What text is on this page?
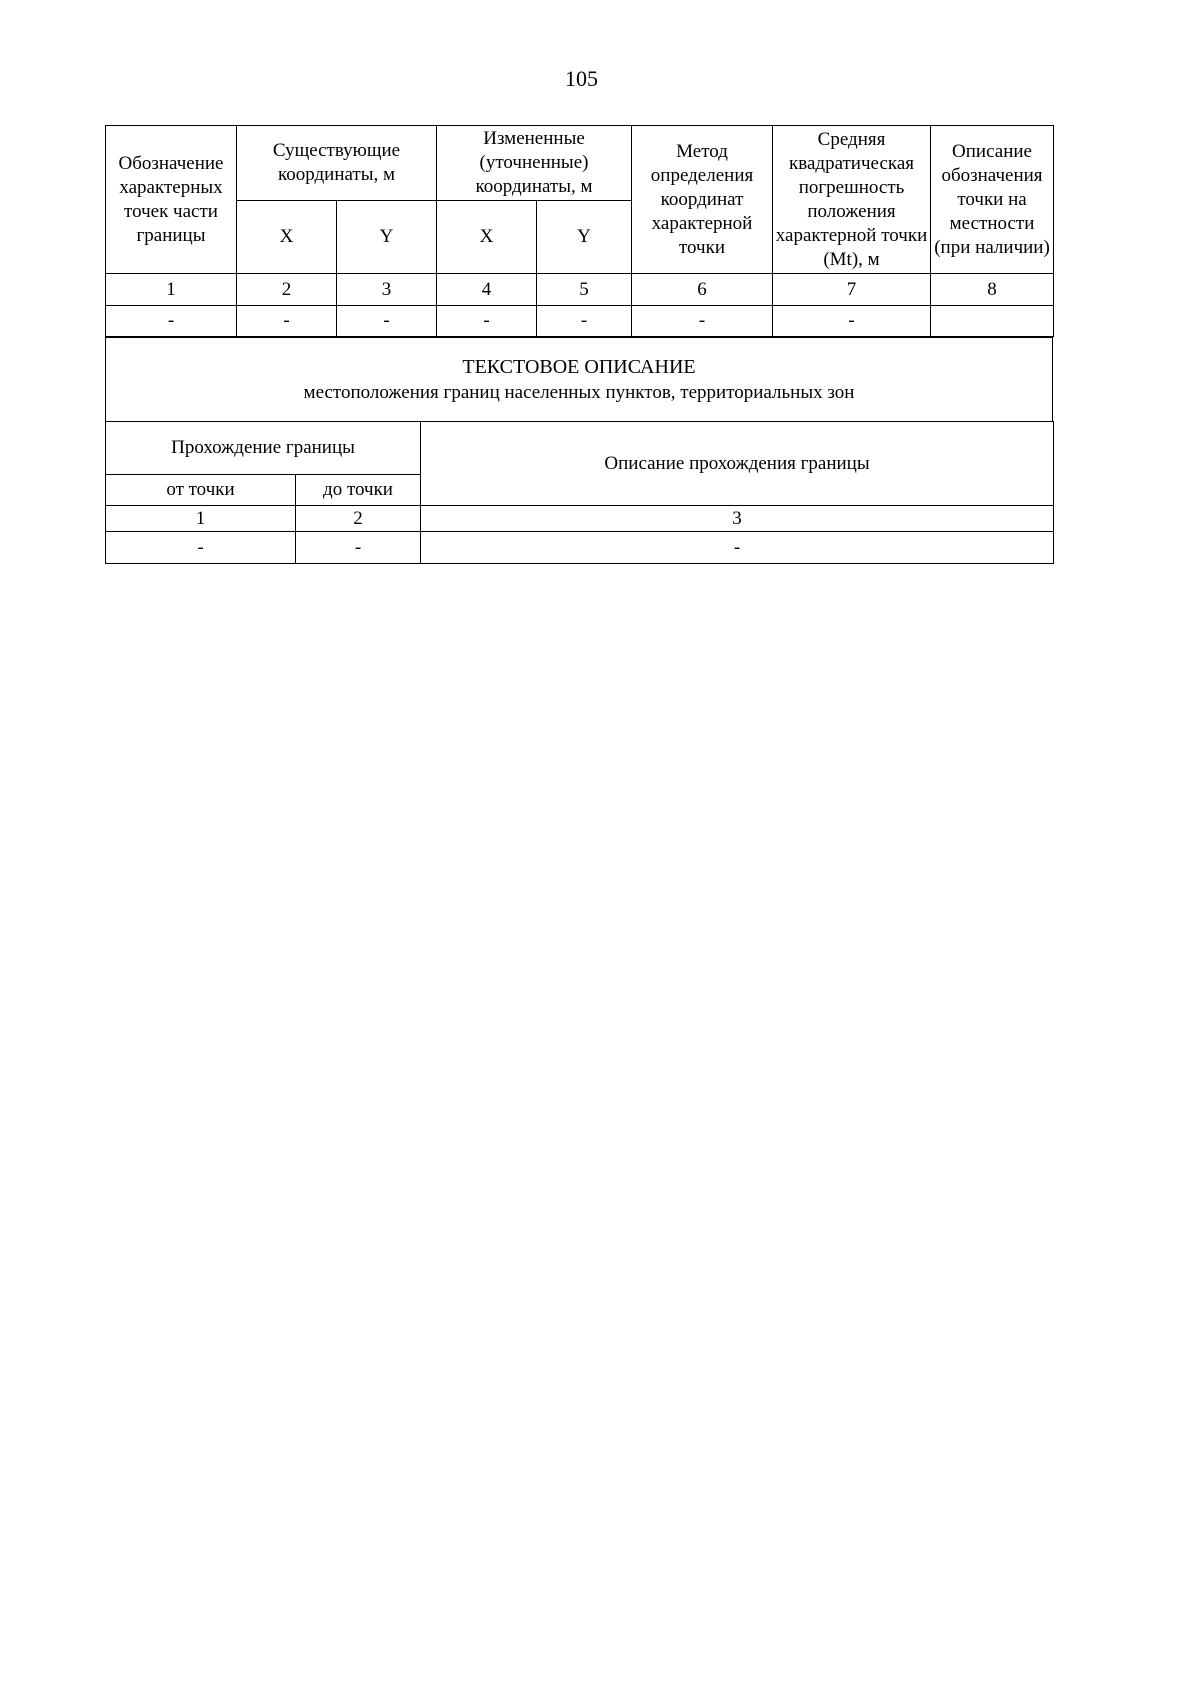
105
Обозначение характерных точек части границы	Существующие координаты, м		Измененные (уточненные) координаты, м		Метод определения координат характерной точки	Средняя квадратическая погрешность положения характерной точки (Mt), м	Описание обозначения точки на местности (при наличии)
	X	Y	X	Y			
1	2	3	4	5	6	7	8
-	-	-	-	-	-	-	
ТЕКСТОВОЕ ОПИСАНИЕ
местоположения границ населенных пунктов, территориальных зон
Прохождение границы		Описание прохождения границы
от точки	до точки	
1	2	3
-	-	-
